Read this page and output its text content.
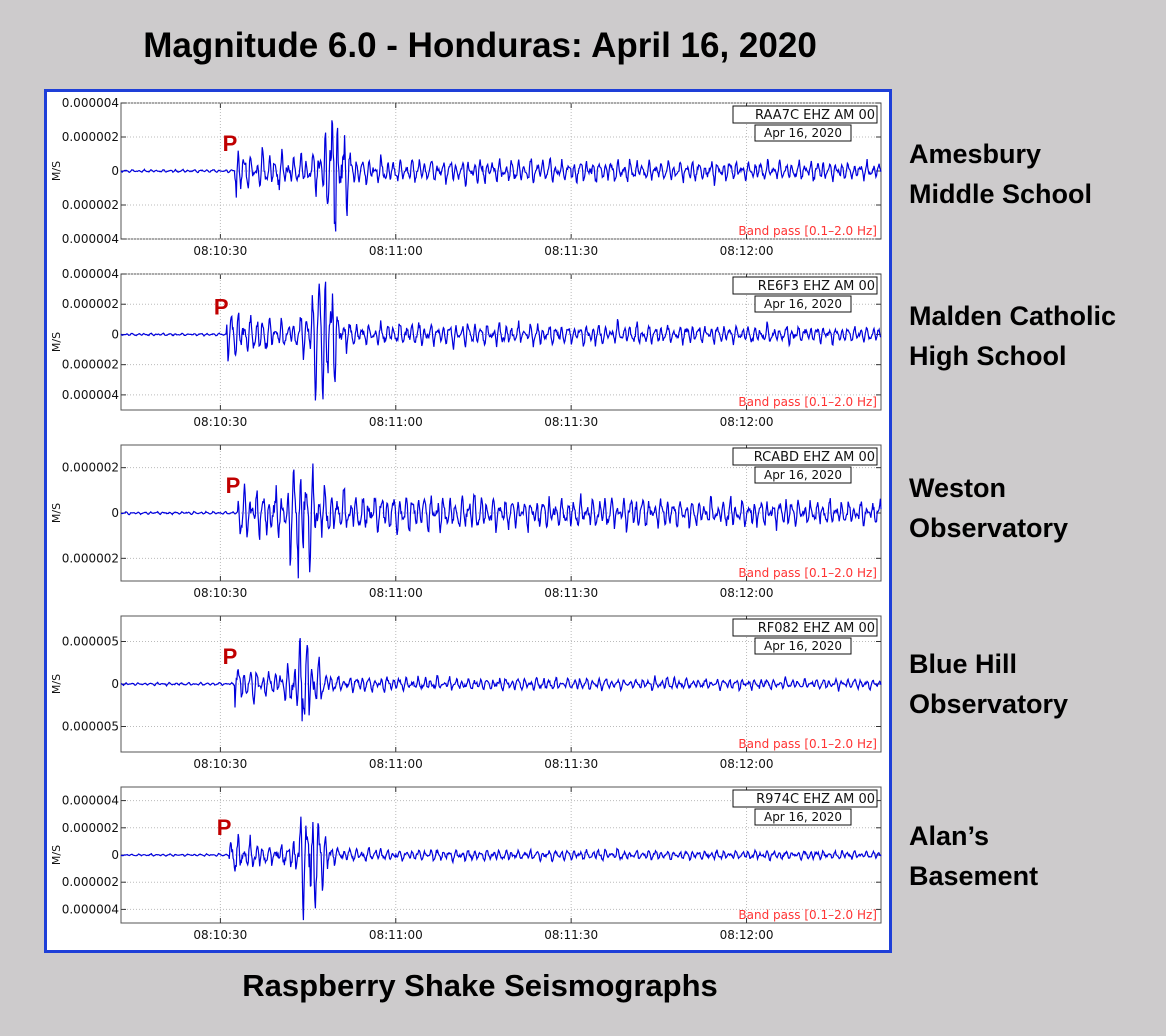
Magnitude 6.0 - Honduras: April 16, 2020
08:10:30	08:11:00	08:11:30	08:12:00
0.000004
0.000002
0
0.000002
0.000004
M/S
P
RAA7C EHZ AM 00
Apr 16, 2020
Band pass [0.1–2.0 Hz]
08:10:30	08:11:00	08:11:30	08:12:00
0.000004
0.000002
0
0.000002
0.000004
M/S
P
RE6F3 EHZ AM 00
Apr 16, 2020
Band pass [0.1–2.0 Hz]
08:10:30	08:11:00	08:11:30	08:12:00
0.000002
0
0.000002
M/S
P
RCABD EHZ AM 00
Apr 16, 2020
Band pass [0.1–2.0 Hz]
08:10:30	08:11:00	08:11:30	08:12:00
0.000005
0
0.000005
M/S
P
RF082 EHZ AM 00
Apr 16, 2020
Band pass [0.1–2.0 Hz]
08:10:30	08:11:00	08:11:30	08:12:00
0.000004
0.000002
0
0.000002
0.000004
M/S
P
R974C EHZ AM 00
Apr 16, 2020
Band pass [0.1–2.0 Hz]
Amesbury
Middle School
Malden Catholic
High School
Weston
Observatory
Blue Hill
Observatory
Alan’s
Basement
Raspberry Shake Seismographs
